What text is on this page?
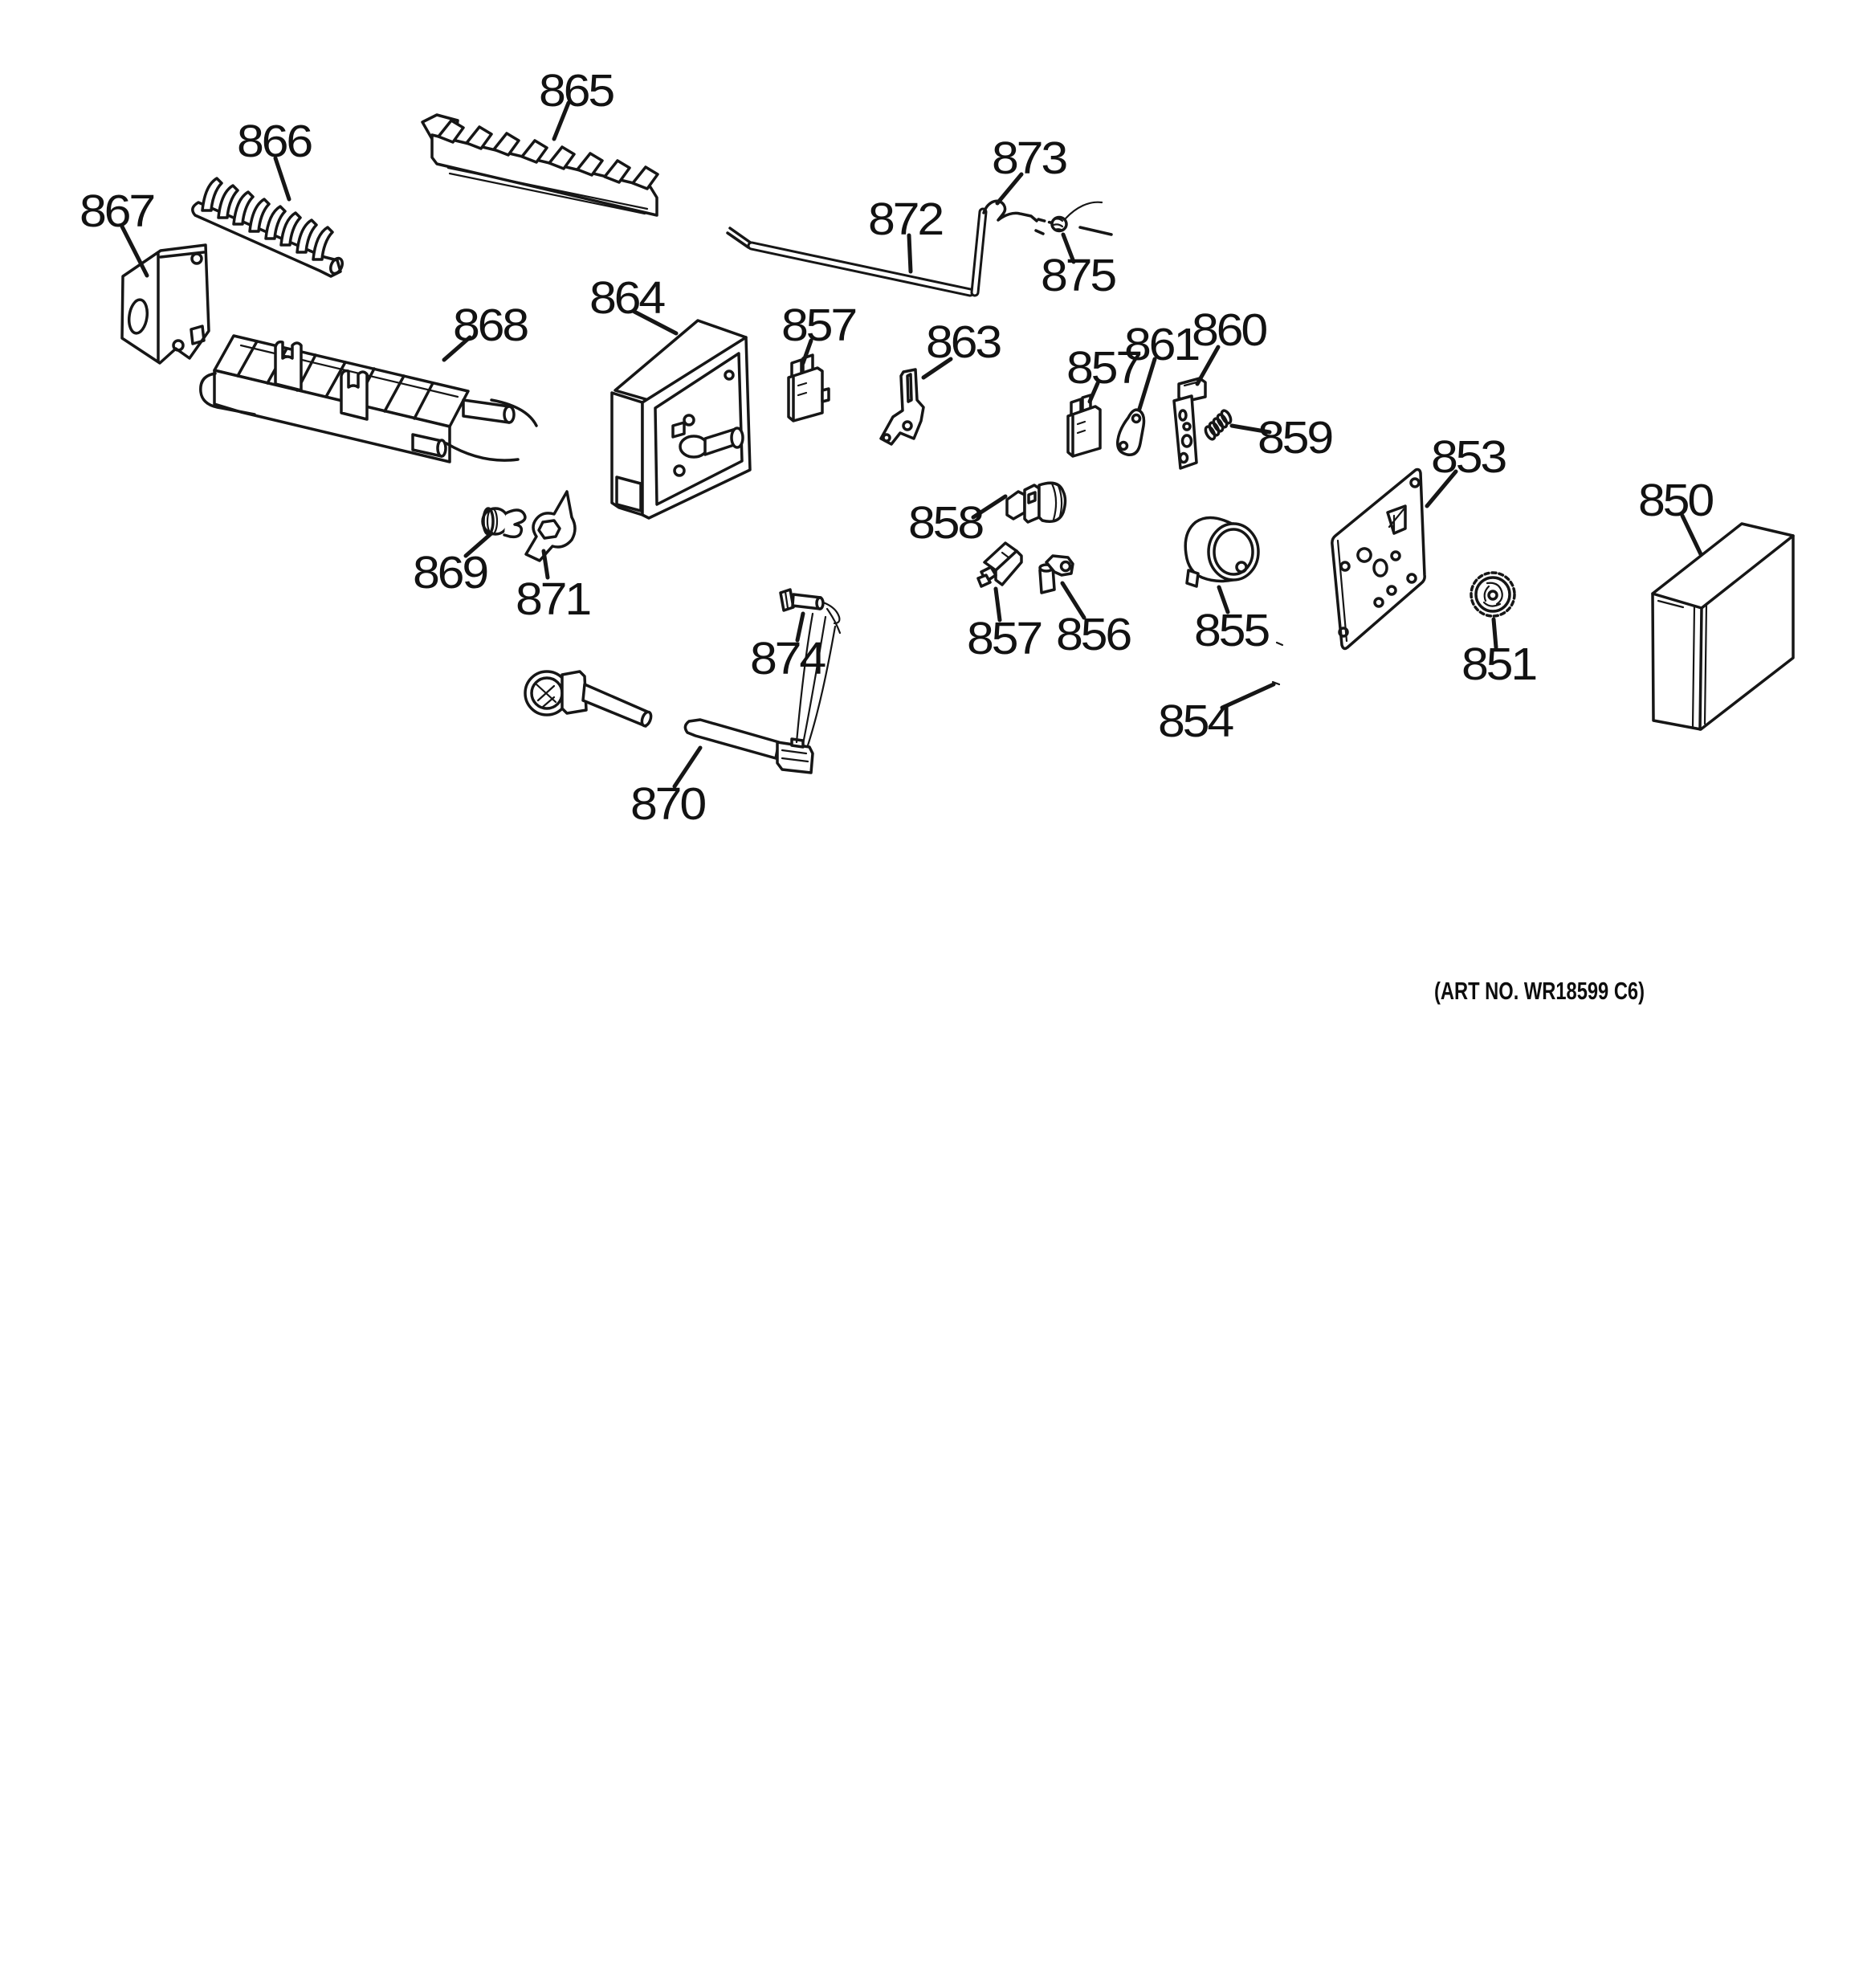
865
866
867
868
864
857 863
872
873
875
857
861
860
859 853
850
858
869
871
874	857 856 855
851
854
870
(ART NO. WR18599 C6)
